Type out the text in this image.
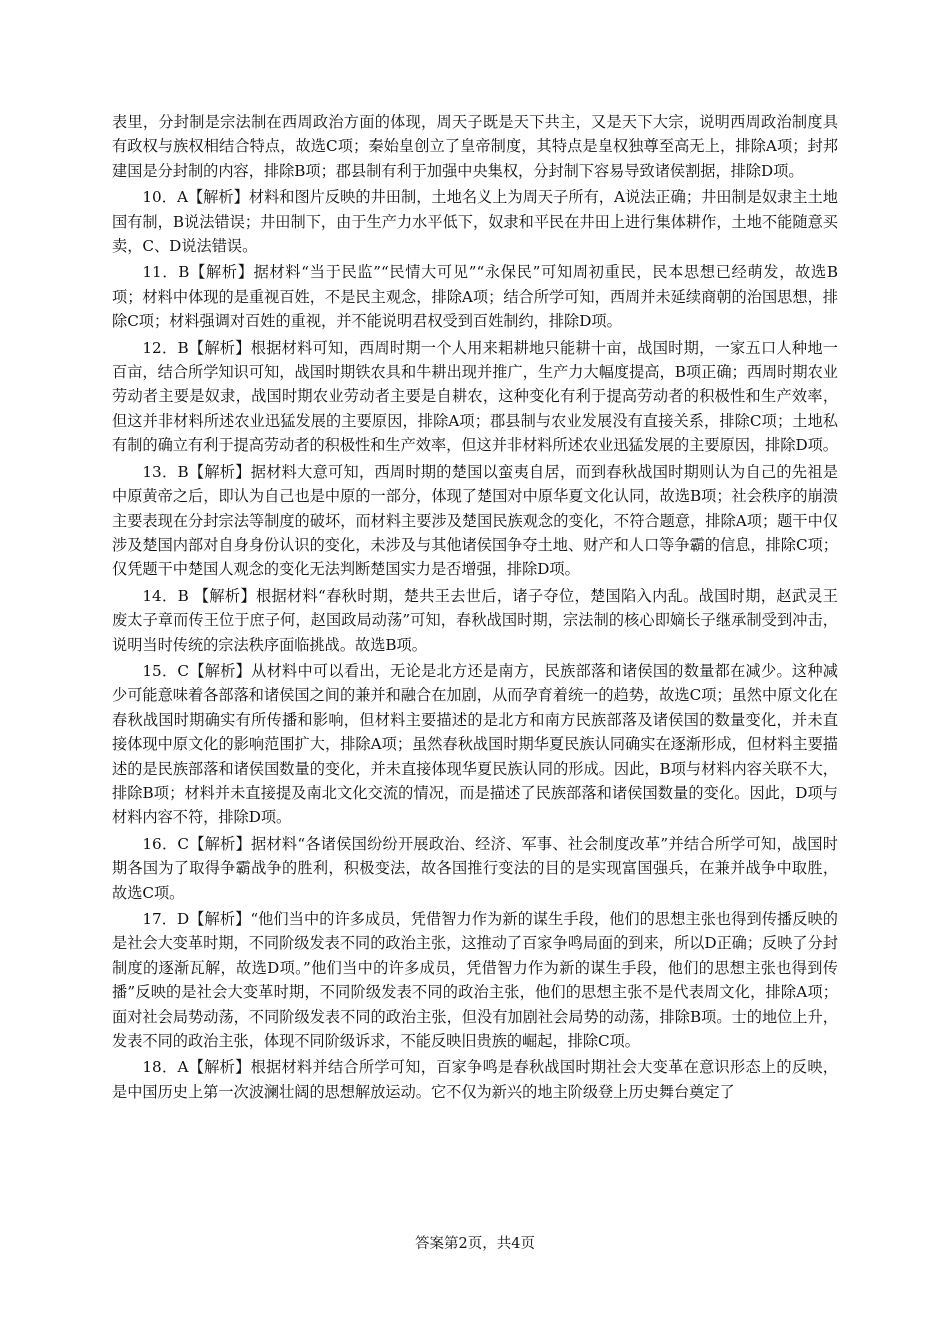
表里，分封制是宗法制在西周政治方面的体现，周天子既是天下共主，又是天下大宗，说明西周政治制度具有政权与族权相结合特点，故选C项；秦始皇创立了皇帝制度，其特点是皇权独尊至高无上，排除A项；封邦建国是分封制的内容，排除B项；郡县制有利于加强中央集权，分封制下容易导致诸侯割据，排除D项。

10．A【解析】材料和图片反映的井田制，土地名义上为周天子所有，A说法正确；井田制是奴隶主土地国有制，B说法错误；井田制下，由于生产力水平低下，奴隶和平民在井田上进行集体耕作，土地不能随意买卖，C、D说法错误。

11．B【解析】据材料“当于民监”“民情大可见”“永保民”可知周初重民，民本思想已经萌发，故选B项；材料中体现的是重视百姓，不是民主观念，排除A项；结合所学可知，西周并未延续商朝的治国思想，排除C项；材料强调对百姓的重视，并不能说明君权受到百姓制约，排除D项。

12．B【解析】根据材料可知，西周时期一个人用来耜耕地只能耕十亩，战国时期，一家五口人种地一百亩，结合所学知识可知，战国时期铁农具和牛耕出现并推广，生产力大幅度提高，B项正确；西周时期农业劳动者主要是奴隶，战国时期农业劳动者主要是自耕农，这种变化有利于提高劳动者的积极性和生产效率，但这并非材料所述农业迅猛发展的主要原因，排除A项；郡县制与农业发展没有直接关系，排除C项；土地私有制的确立有利于提高劳动者的积极性和生产效率，但这并非材料所述农业迅猛发展的主要原因，排除D项。

13．B【解析】据材料大意可知，西周时期的楚国以蛮夷自居，而到春秋战国时期则认为自己的先祖是中原黄帝之后，即认为自己也是中原的一部分，体现了楚国对中原华夏文化认同，故选B项；社会秩序的崩溃主要表现在分封宗法等制度的破坏，而材料主要涉及楚国民族观念的变化，不符合题意，排除A项；题干中仅涉及楚国内部对自身身份认识的变化，未涉及与其他诸侯国争夺土地、财产和人口等争霸的信息，排除C项；仅凭题干中楚国人观念的变化无法判断楚国实力是否增强，排除D项。

14．B 【解析】根据材料“春秋时期，楚共王去世后，诸子夺位，楚国陷入内乱。战国时期，赵武灵王废太子章而传王位于庶子何，赵国政局动荡”可知，春秋战国时期，宗法制的核心即嫡长子继承制受到冲击，说明当时传统的宗法秩序面临挑战。故选B项。

15．C【解析】从材料中可以看出，无论是北方还是南方，民族部落和诸侯国的数量都在减少。这种减少可能意味着各部落和诸侯国之间的兼并和融合在加剧，从而孕育着统一的趋势，故选C项；虽然中原文化在春秋战国时期确实有所传播和影响，但材料主要描述的是北方和南方民族部落及诸侯国的数量变化，并未直接体现中原文化的影响范围扩大，排除A项；虽然春秋战国时期华夏民族认同确实在逐渐形成，但材料主要描述的是民族部落和诸侯国数量的变化，并未直接体现华夏民族认同的形成。因此，B项与材料内容关联不大，排除B项；材料并未直接提及南北文化交流的情况，而是描述了民族部落和诸侯国数量的变化。因此，D项与材料内容不符，排除D项。

16．C【解析】据材料“各诸侯国纷纷开展政治、经济、军事、社会制度改革”并结合所学可知，战国时期各国为了取得争霸战争的胜利，积极变法，故各国推行变法的目的是实现富国强兵，在兼并战争中取胜，故选C项。

17．D【解析】“他们当中的许多成员，凭借智力作为新的谋生手段，他们的思想主张也得到传播反映的是社会大变革时期，不同阶级发表不同的政治主张，这推动了百家争鸣局面的到来，所以D正确；反映了分封制度的逐渐瓦解，故选D项。”他们当中的许多成员，凭借智力作为新的谋生手段，他们的思想主张也得到传播”反映的是社会大变革时期，不同阶级发表不同的政治主张，他们的思想主张不是代表周文化，排除A项；面对社会局势动荡，不同阶级发表不同的政治主张，但没有加剧社会局势的动荡，排除B项。士的地位上升，发表不同的政治主张，体现不同阶级诉求，不能反映旧贵族的崛起，排除C项。

18．A【解析】根据材料并结合所学可知，百家争鸣是春秋战国时期社会大变革在意识形态上的反映，是中国历史上第一次波澜壮阔的思想解放运动。它不仅为新兴的地主阶级登上历史舞台奠定了

答案第2页，共4页
